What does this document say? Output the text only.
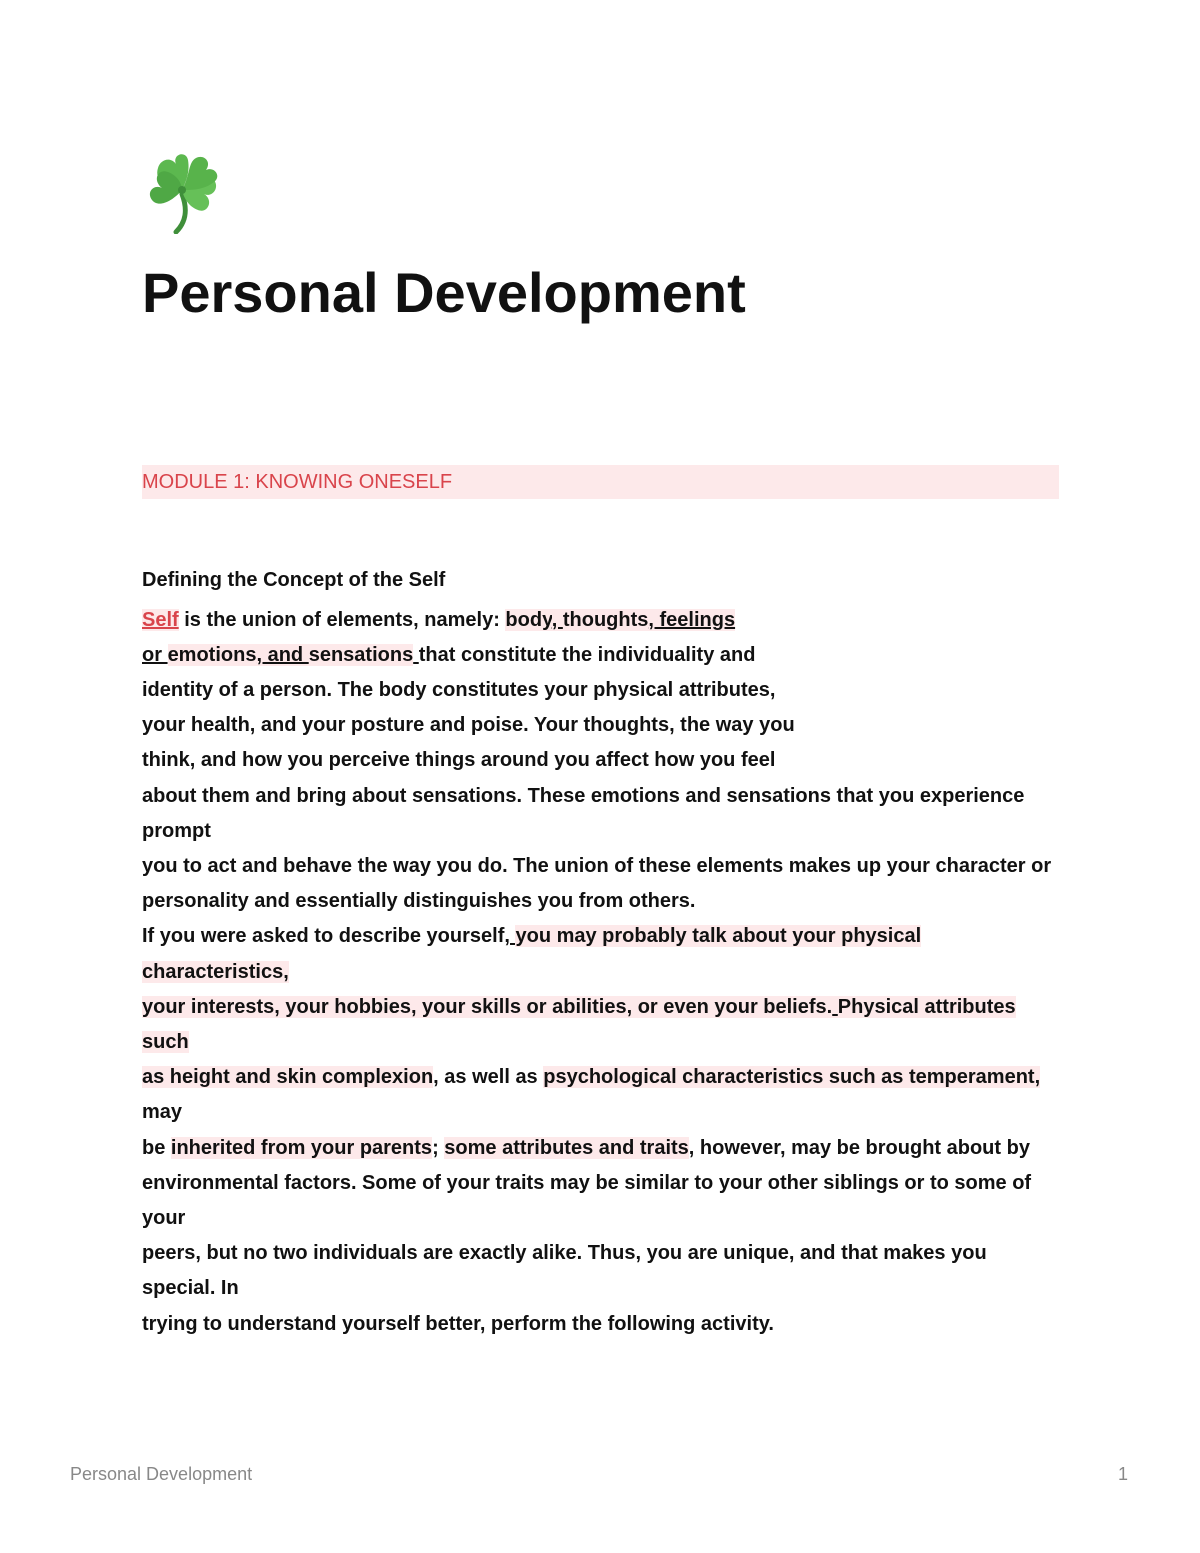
Personal Development
MODULE 1: KNOWING ONESELF
Defining the Concept of the Self
Self is the union of elements, namely: body, thoughts, feelings
or emotions, and sensations that constitute the individuality and
identity of a person. The body constitutes your physical attributes,
your health, and your posture and poise. Your thoughts, the way you
think, and how you perceive things around you affect how you feel
about them and bring about sensations. These emotions and sensations that you experience prompt
you to act and behave the way you do. The union of these elements makes up your character or
personality and essentially distinguishes you from others.
If you were asked to describe yourself, you may probably talk about your physical characteristics,
your interests, your hobbies, your skills or abilities, or even your beliefs. Physical attributes such
as height and skin complexion, as well as psychological characteristics such as temperament, may
be inherited from your parents; some attributes and traits, however, may be brought about by
environmental factors. Some of your traits may be similar to your other siblings or to some of your
peers, but no two individuals are exactly alike. Thus, you are unique, and that makes you special. In
trying to understand yourself better, perform the following activity.
Personal Development	1
